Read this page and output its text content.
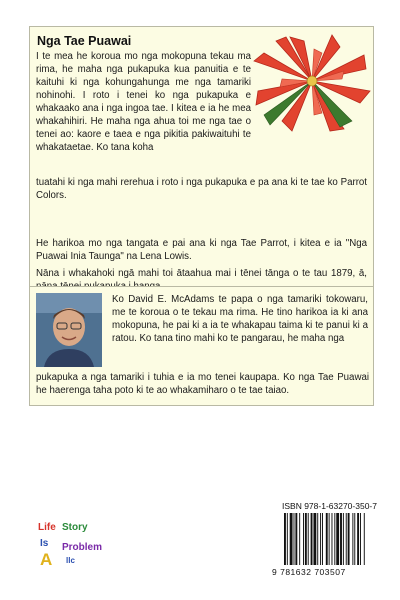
Nga Tae Puawai
I te mea he koroua mo nga mokopuna tekau ma rima, he maha nga pukapuka kua panuitia e te kaituhi ki nga kohungahunga me nga tamariki nohinohi. I roto i tenei ko nga pukapuka e whakaako ana i nga ingoa tae. I kitea e ia he mea whakahihiri. He maha nga ahua toi me nga tae o tenei ao: kaore e taea e nga pikitia pakiwaituhi te whakataetae. Ko tana koha
tuatahi ki nga mahi rerehua i roto i nga pukapuka e pa ana ki te tae ko Parrot Colors.
He harikoa mo nga tangata e pai ana ki nga Tae Parrot, i kitea e ia "Nga Puawai Inia Taunga" na Lena Lowis.
Nāna i whakahoki ngā mahi toi ātaahua mai i tēnei tānga o te tau 1879, ā,
Ko David E. McAdams te papa o nga tamariki tokowaru, me te koroua o te tekau ma rima. He tino harikoa ia ki ana mokopuna, he pai ki a ia te whakapau taima ki te panui ki a ratou. Ko tana tino mahi ko te pangarau, he maha nga
pukapuka a nga tamariki i tuhia e ia mo tenei kaupapa. Ko nga Tae Puawai he haerenga taha poto ki te ao whakamiharo o te tae taiao.
Life
Is
A
Story
Problem
llc
ISBN 978-1-63270-350-7
9 781632 703507
